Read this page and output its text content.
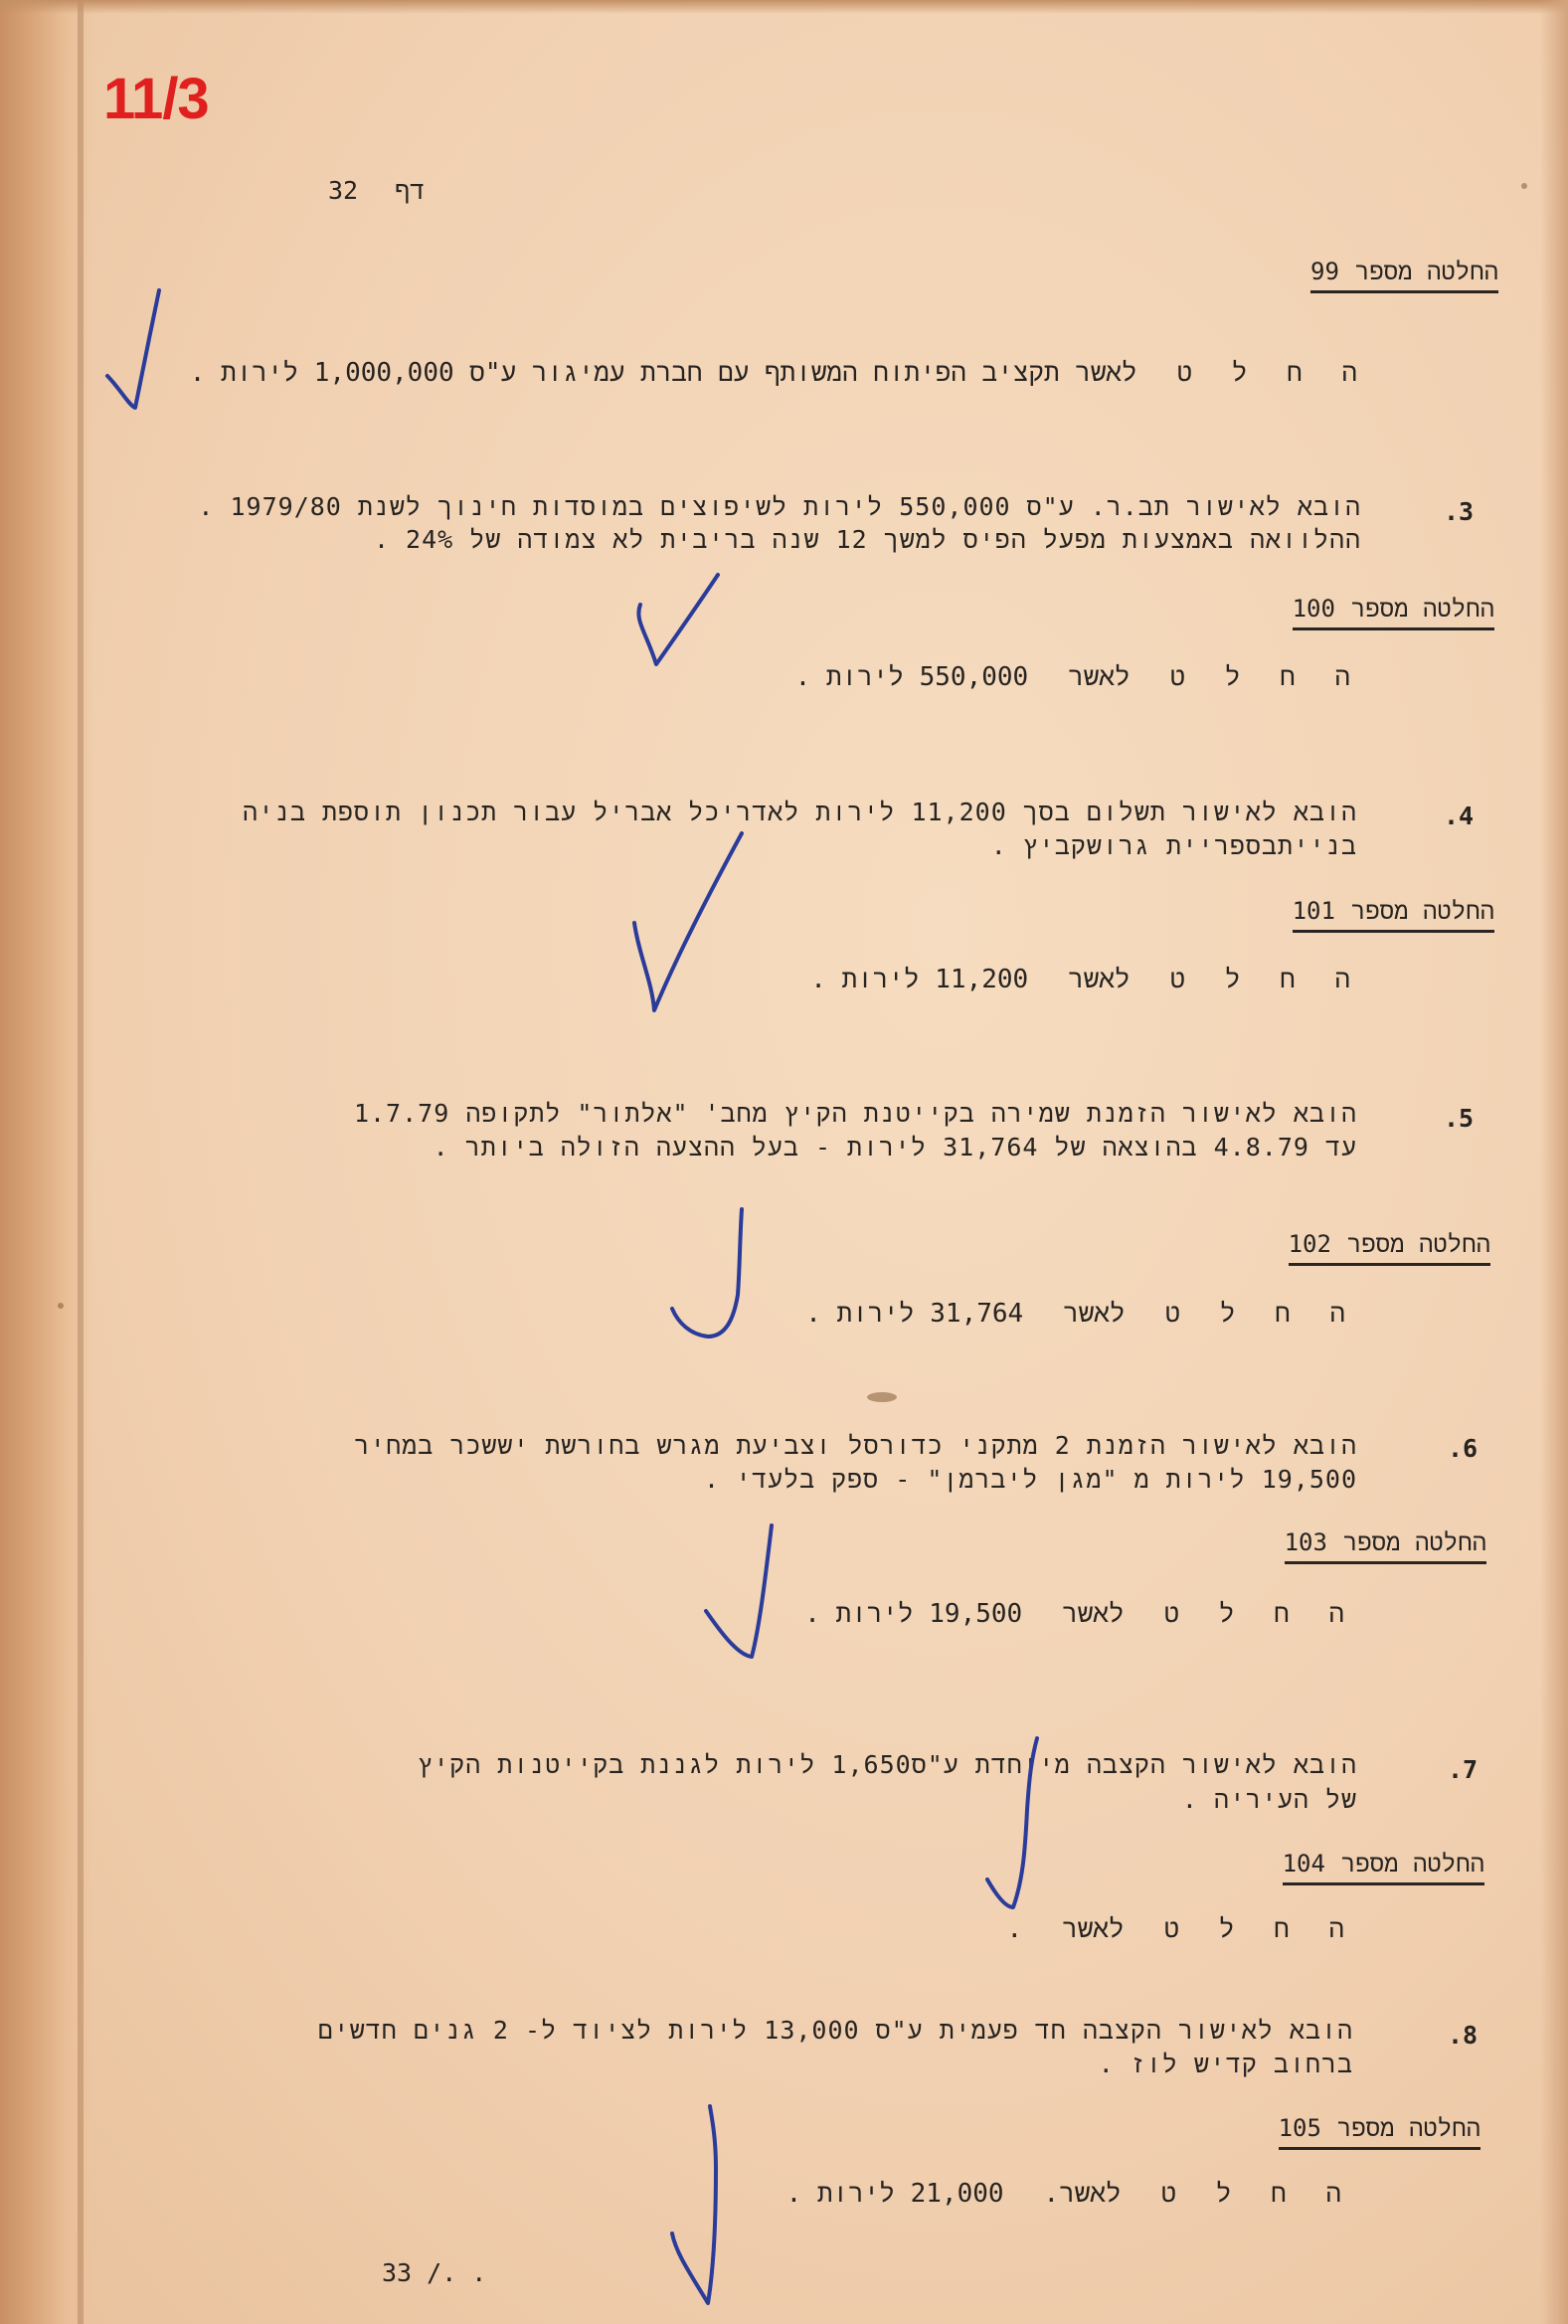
11/3
דף 32
החלטה מספר99
ה ח ל טלאשר תקציב הפיתוח המשותף עם חברת עמיגור ע"ס 1,000,000 לירות .
.3
הובא לאישור תב.ר. ע"ס 550,000 לירות לשיפוצים במוסדות חינוך לשנת 1979/80 .
ההלוואה באמצעות מפעל הפיס למשך 12 שנה בריבית לא צמודה של 24% .
החלטה מספר100
ה ח ל טלאשר550,000 לירות .
.4
הובא לאישור תשלום בסך 11,200 לירות לאדריכל אבריל עבור תכנון תוספת בניה
בנייתבספריית גרושקביץ .
החלטה מספר101
ה ח ל טלאשר11,200 לירות .
.5
הובא לאישור הזמנת שמירה בקייטנת הקיץ מחב' "אלתור" לתקופה 1.7.79
עד 4.8.79 בהוצאה של 31,764 לירות - בעל ההצעה הזולה ביותר .
החלטה מספר102
ה ח ל טלאשר31,764 לירות .
.6
הובא לאישור הזמנת 2 מתקני כדורסל וצביעת מגרש בחורשת יששכר במחיר
19,500 לירות מ "מגן ליברמן" - ספק בלעדי .
החלטה מספר103
ה ח ל טלאשר19,500 לירות .
.7
הובא לאישור הקצבה מיוחדת ע"ס1,650 לירות לגננת בקייטנות הקיץ
של העיריה .
החלטה מספר104
ה ח ל טלאשר.
.8
הובא לאישור הקצבה חד פעמית ע"ס 13,000 לירות לציוד ל- 2 גנים חדשים
ברחוב קדיש לוז .
החלטה מספר105
ה ח ל טלאשר.21,000 לירות .
33 /. .
